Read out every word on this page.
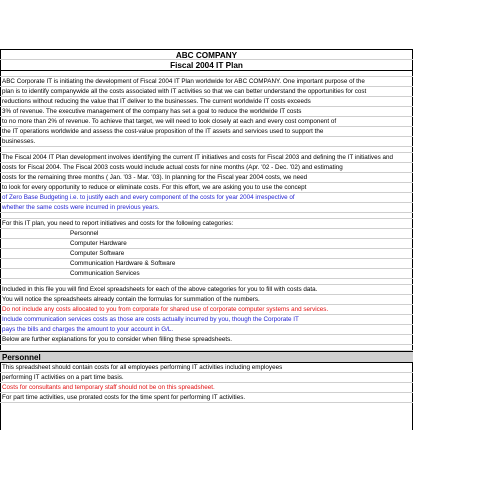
ABC COMPANY
Fiscal 2004 IT Plan
ABC Corporate IT is initiating the development of Fiscal 2004 IT Plan worldwide for ABC COMPANY. One important purpose of the
plan is to identify companywide all the costs associated with IT activities so that we can better understand the opportunities for cost
reductions without reducing the value that IT deliver to the businesses. The current worldwide IT costs exceeds
3% of revenue. The executive management of the company has set a goal to reduce the worldwide IT costs
to no more than 2% of revenue. To achieve that target, we will need to look closely at each and every cost component of
the IT operations worldwide and assess the cost-value proposition of the IT assets and services used to support the
businesses.
The Fiscal 2004 IT Plan development involves identifying the current IT initiatives and costs for Fiscal 2003 and defining the IT initiatives and
costs for Fiscal 2004. The Fiscal 2003 costs would include actual costs for nine months (Apr. '02 - Dec. '02) and estimating
costs for the remaining three months ( Jan. '03 - Mar. '03). In planning for the Fiscal year 2004 costs, we need
to look for every opportunity to reduce or eliminate costs. For this effort, we are asking you to use the concept
of Zero Base Budgeting i.e. to justify each and every component of the costs for year 2004 irrespective of
whether the same costs were incurred in previous years.
For this IT plan, you need to report initiatives and costs for the following categories:
Personnel
Computer Hardware
Computer Software
Communication Hardware & Software
Communication Services
Included in this file you will find Excel spreadsheets for each of the above categories for you to fill with costs data.
You will notice the spreadsheets already contain the formulas for summation of the numbers.
Do not include any costs allocated to you from corporate for shared use of corporate computer systems and services.
Include communication services costs as those are costs actually incurred by you, though the Corporate IT
pays the bills and charges the amount to your account in G/L.
Below are further explanations for you to consider when filling these spreadsheets.
Personnel
This spreadsheet should contain costs for all employees performing IT activities including employees
performing IT activities on a part time basis.
Costs for consultants and temporary staff should not be on this spreadsheet.
For part time activities, use prorated costs for the time spent for performing IT activities.
